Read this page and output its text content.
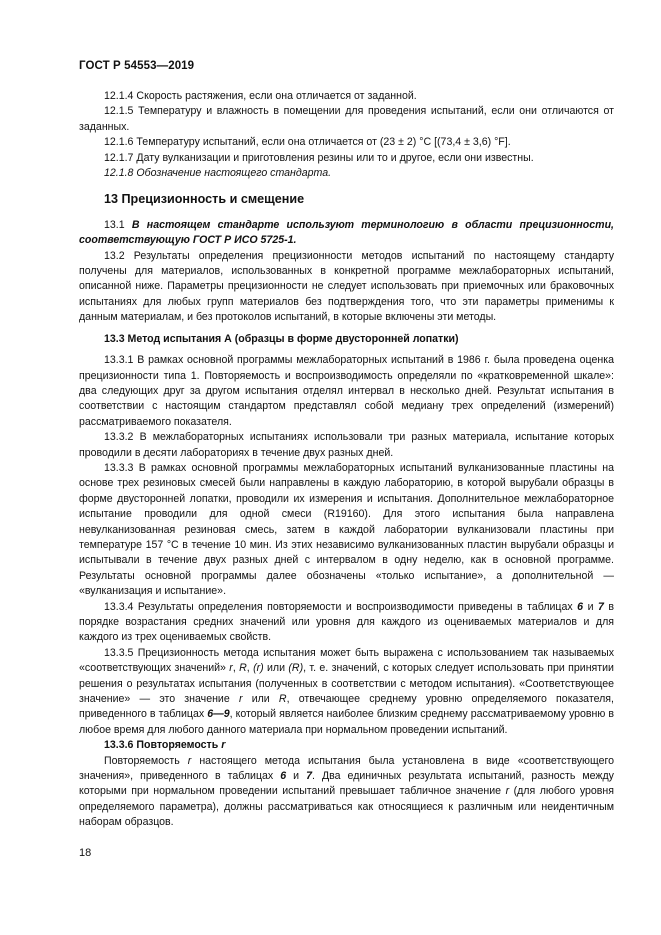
ГОСТ Р 54553—2019

12.1.4 Скорость растяжения, если она отличается от заданной.

12.1.5 Температуру и влажность в помещении для проведения испытаний, если они отличаются от заданных.

12.1.6 Температуру испытаний, если она отличается от (23 ± 2) °С [(73,4 ± 3,6) °F].

12.1.7 Дату вулканизации и приготовления резины или то и другое, если они известны.

12.1.8 Обозначение настоящего стандарта.

13 Прецизионность и смещение

13.1 В настоящем стандарте используют терминологию в области прецизионности, соответствующую ГОСТ Р ИСО 5725-1.

13.2 Результаты определения прецизионности методов испытаний по настоящему стандарту получены для материалов, использованных в конкретной программе межлабораторных испытаний, описанной ниже. Параметры прецизионности не следует использовать при приемочных или браковочных испытаниях для любых групп материалов без подтверждения того, что эти параметры применимы к данным материалам, и без протоколов испытаний, в которые включены эти методы.

13.3 Метод испытания А (образцы в форме двусторонней лопатки)

13.3.1 В рамках основной программы межлабораторных испытаний в 1986 г. была проведена оценка прецизионности типа 1. Повторяемость и воспроизводимость определяли по «кратковременной шкале»: два следующих друг за другом испытания отделял интервал в несколько дней. Результат испытания в соответствии с настоящим стандартом представлял собой медиану трех определений (измерений) рассматриваемого показателя.

13.3.2 В межлабораторных испытаниях использовали три разных материала, испытание которых проводили в десяти лабораториях в течение двух разных дней.

13.3.3 В рамках основной программы межлабораторных испытаний вулканизованные пластины на основе трех резиновых смесей были направлены в каждую лабораторию, в которой вырубали образцы в форме двусторонней лопатки, проводили их измерения и испытания. Дополнительное межлабораторное испытание проводили для одной смеси (R19160). Для этого испытания была направлена невулканизованная резиновая смесь, затем в каждой лаборатории вулканизовали пластины при температуре 157 °С в течение 10 мин. Из этих независимо вулканизованных пластин вырубали образцы и испытывали в течение двух разных дней с интервалом в одну неделю, как в основной программе. Результаты основной программы далее обозначены «только испытание», а дополнительной — «вулканизация и испытание».

13.3.4 Результаты определения повторяемости и воспроизводимости приведены в таблицах 6 и 7 в порядке возрастания средних значений или уровня для каждого из оцениваемых материалов и для каждого из трех оцениваемых свойств.

13.3.5 Прецизионность метода испытания может быть выражена с использованием так называемых «соответствующих значений» r, R, (r) или (R), т. е. значений, с которых следует использовать при принятии решения о результатах испытания (полученных в соответствии с методом испытания). «Соответствующее значение» — это значение r или R, отвечающее среднему уровню определяемого показателя, приведенного в таблицах 6—9, который является наиболее близким среднему рассматриваемому уровню в любое время для любого данного материала при нормальном проведении испытаний.

13.3.6 Повторяемость r

Повторяемость r настоящего метода испытания была установлена в виде «соответствующего значения», приведенного в таблицах 6 и 7. Два единичных результата испытаний, разность между которыми при нормальном проведении испытаний превышает табличное значение r (для любого уровня определяемого параметра), должны рассматриваться как относящиеся к различным или неидентичным наборам образцов.

18
